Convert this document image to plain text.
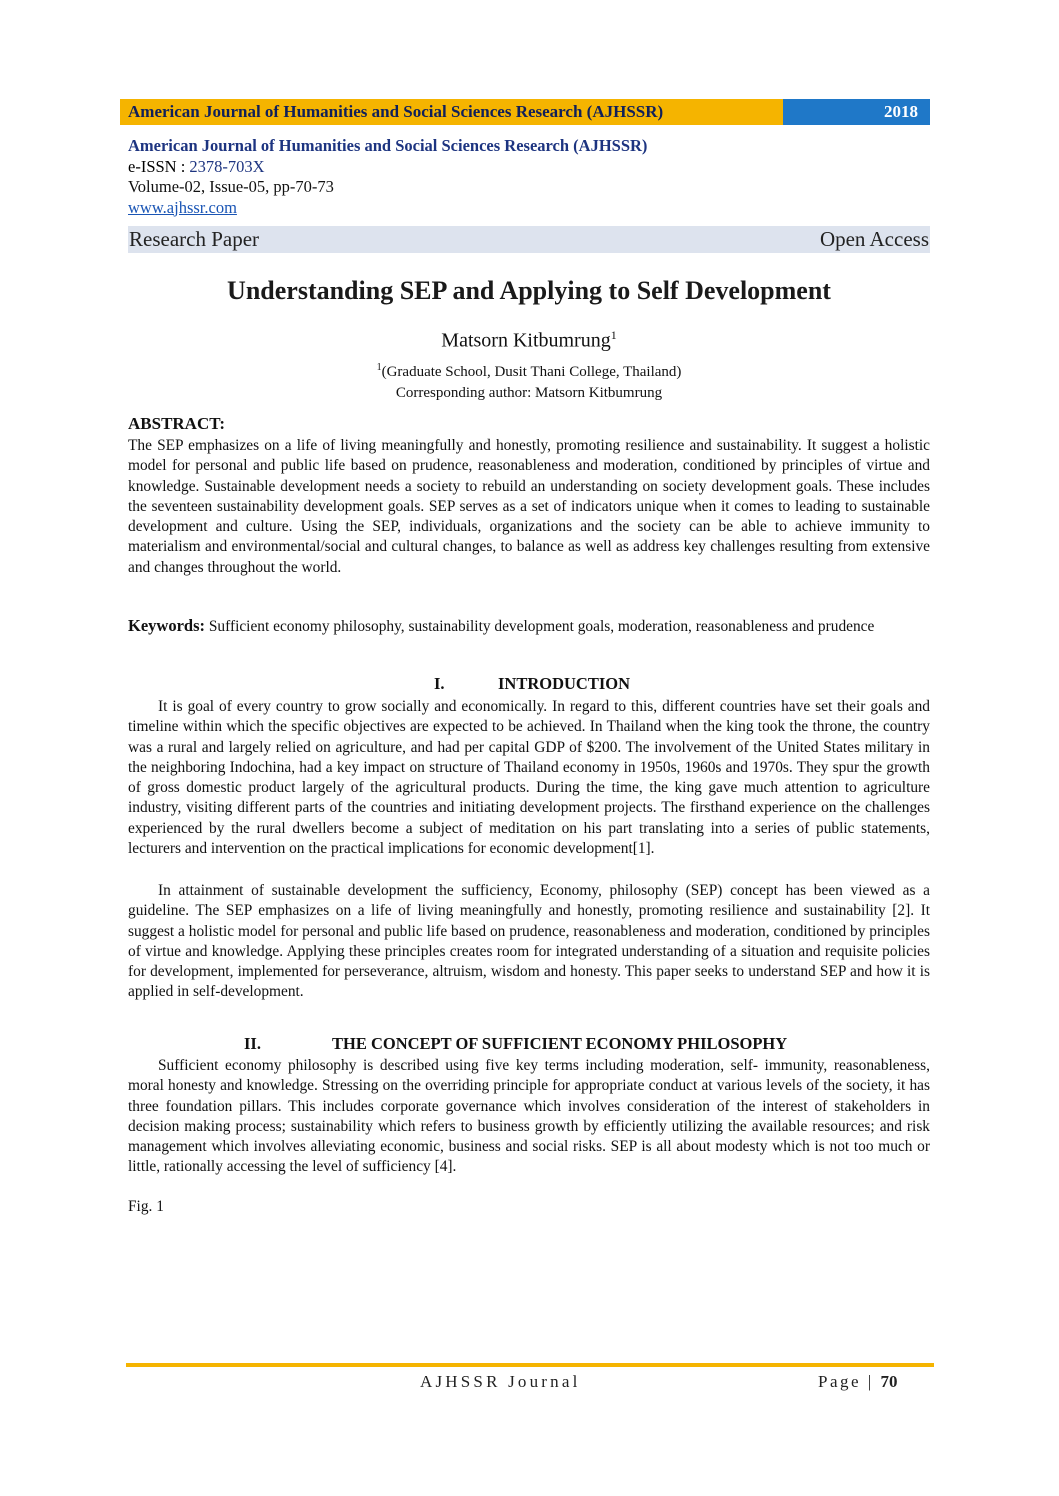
American Journal of Humanities and Social Sciences Research (AJHSSR)	2018
American Journal of Humanities and Social Sciences Research (AJHSSR)
e-ISSN : 2378-703X
Volume-02, Issue-05, pp-70-73
www.ajhssr.com
Research Paper	Open Access
Understanding SEP and Applying to Self Development
Matsorn Kitbumrung$^1$
$^1$(Graduate School, Dusit Thani College, Thailand)
Corresponding author: Matsorn Kitbumrung
ABSTRACT:
The SEP emphasizes on a life of living meaningfully and honestly, promoting resilience and sustainability. It suggest a holistic model for personal and public life based on prudence, reasonableness and moderation, conditioned by principles of virtue and knowledge. Sustainable development needs a society to rebuild an understanding on society development goals. These includes the seventeen sustainability development goals. SEP serves as a set of indicators unique when it comes to leading to sustainable development and culture. Using the SEP, individuals, organizations and the society can be able to achieve immunity to materialism and environmental/social and cultural changes, to balance as well as address key challenges resulting from extensive and changes throughout the world.
Keywords: Sufficient economy philosophy, sustainability development goals, moderation, reasonableness and prudence
I.	INTRODUCTION
It is goal of every country to grow socially and economically. In regard to this, different countries have set their goals and timeline within which the specific objectives are expected to be achieved. In Thailand when the king took the throne, the country was a rural and largely relied on agriculture, and had per capital GDP of $200. The involvement of the United States military in the neighboring Indochina, had a key impact on structure of Thailand economy in 1950s, 1960s and 1970s. They spur the growth of gross domestic product largely of the agricultural products. During the time, the king gave much attention to agriculture industry, visiting different parts of the countries and initiating development projects. The firsthand experience on the challenges experienced by the rural dwellers become a subject of meditation on his part translating into a series of public statements, lecturers and intervention on the practical implications for economic development[1].
In attainment of sustainable development the sufficiency, Economy, philosophy (SEP) concept has been viewed as a guideline. The SEP emphasizes on a life of living meaningfully and honestly, promoting resilience and sustainability [2]. It suggest a holistic model for personal and public life based on prudence, reasonableness and moderation, conditioned by principles of virtue and knowledge. Applying these principles creates room for integrated understanding of a situation and requisite policies for development, implemented for perseverance, altruism, wisdom and honesty. This paper seeks to understand SEP and how it is applied in self-development.
II.	THE CONCEPT OF SUFFICIENT ECONOMY PHILOSOPHY
Sufficient economy philosophy is described using five key terms including moderation, self- immunity, reasonableness, moral honesty and knowledge. Stressing on the overriding principle for appropriate conduct at various levels of the society, it has three foundation pillars. This includes corporate governance which involves consideration of the interest of stakeholders in decision making process; sustainability which refers to business growth by efficiently utilizing the available resources; and risk management which involves alleviating economic, business and social risks. SEP is all about modesty which is not too much or little, rationally accessing the level of sufficiency [4].
Fig. 1
AJHSSR Journal	Page | 70
